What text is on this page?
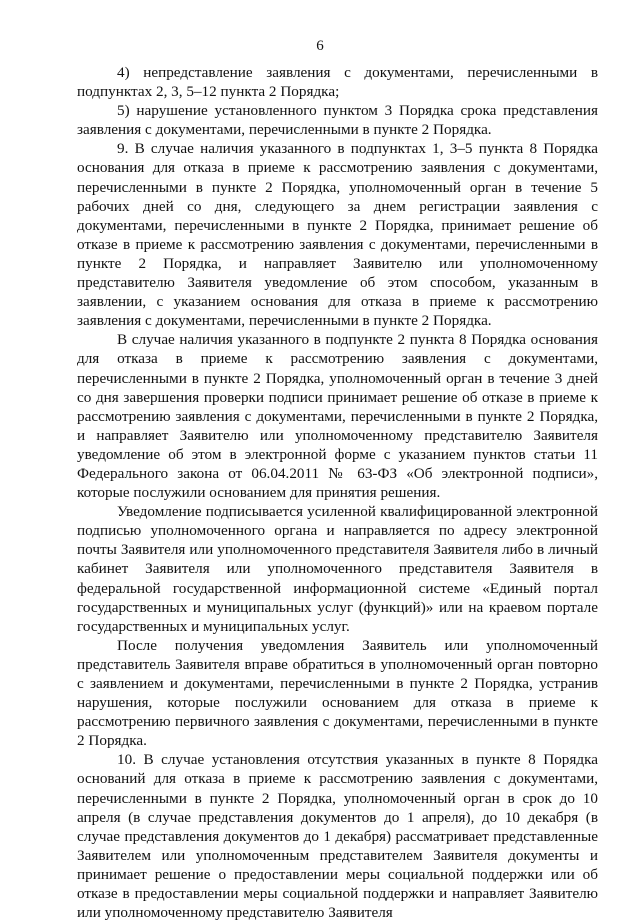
6

4) непредставление заявления с документами, перечисленными в подпунктах 2, 3, 5–12 пункта 2 Порядка;

5) нарушение установленного пунктом 3 Порядка срока представления заявления с документами, перечисленными в пункте 2 Порядка.

9. В случае наличия указанного в подпунктах 1, 3–5 пункта 8 Порядка основания для отказа в приеме к рассмотрению заявления с документами, перечисленными в пункте 2 Порядка, уполномоченный орган в течение 5 рабочих дней со дня, следующего за днем регистрации заявления с документами, перечисленными в пункте 2 Порядка, принимает решение об отказе в приеме к рассмотрению заявления с документами, перечисленными в пункте 2 Порядка, и направляет Заявителю или уполномоченному представителю Заявителя уведомление об этом способом, указанным в заявлении, с указанием основания для отказа в приеме к рассмотрению заявления с документами, перечисленными в пункте 2 Порядка.

В случае наличия указанного в подпункте 2 пункта 8 Порядка основания для отказа в приеме к рассмотрению заявления с документами, перечисленными в пункте 2 Порядка, уполномоченный орган в течение 3 дней со дня завершения проверки подписи принимает решение об отказе в приеме к рассмотрению заявления с документами, перечисленными в пункте 2 Порядка, и направляет Заявителю или уполномоченному представителю Заявителя уведомление об этом в электронной форме с указанием пунктов статьи 11 Федерального закона от 06.04.2011 № 63-ФЗ «Об электронной подписи», которые послужили основанием для принятия решения.

Уведомление подписывается усиленной квалифицированной электронной подписью уполномоченного органа и направляется по адресу электронной почты Заявителя или уполномоченного представителя Заявителя либо в личный кабинет Заявителя или уполномоченного представителя Заявителя в федеральной государственной информационной системе «Единый портал государственных и муниципальных услуг (функций)» или на краевом портале государственных и муниципальных услуг.

После получения уведомления Заявитель или уполномоченный представитель Заявителя вправе обратиться в уполномоченный орган повторно с заявлением и документами, перечисленными в пункте 2 Порядка, устранив нарушения, которые послужили основанием для отказа в приеме к рассмотрению первичного заявления с документами, перечисленными в пункте 2 Порядка.

10. В случае установления отсутствия указанных в пункте 8 Порядка оснований для отказа в приеме к рассмотрению заявления с документами, перечисленными в пункте 2 Порядка, уполномоченный орган в срок до 10 апреля (в случае представления документов до 1 апреля), до 10 декабря (в случае представления документов до 1 декабря) рассматривает представленные Заявителем или уполномоченным представителем Заявителя документы и принимает решение о предоставлении меры социальной поддержки или об отказе в предоставлении меры социальной поддержки и направляет Заявителю или уполномоченному представителю Заявителя
